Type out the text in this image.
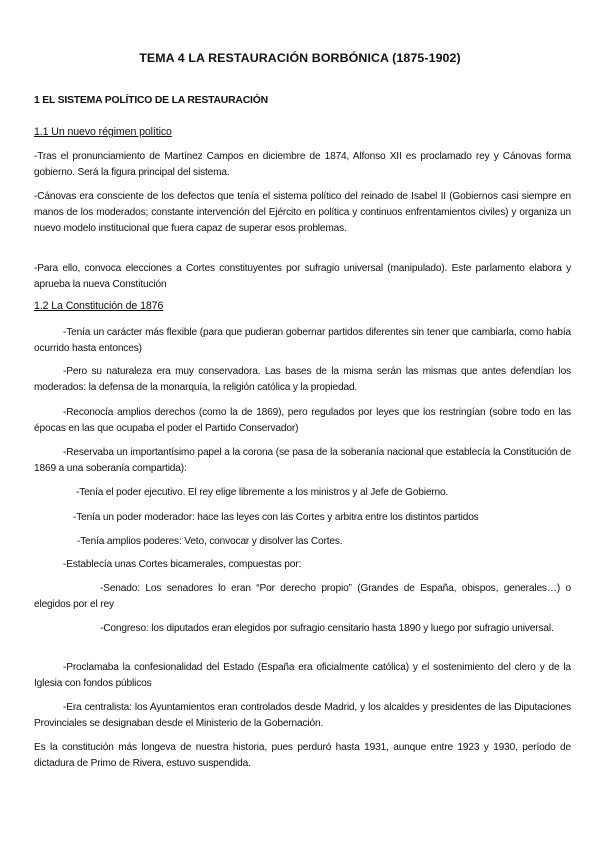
TEMA 4 LA RESTAURACIÓN BORBÓNICA (1875-1902)
1 EL SISTEMA POLÍTICO DE LA RESTAURACIÓN
1.1 Un nuevo régimen político
-Tras el pronunciamiento de Martínez Campos en diciembre de 1874, Alfonso XII es proclamado rey y Cánovas forma gobierno. Será la figura principal del sistema.
-Cánovas era consciente de los defectos que tenía el sistema político del reinado de Isabel II (Gobiernos casi siempre en manos de los moderados; constante intervención del Ejército en política y continuos enfrentamientos civiles) y organiza un nuevo modelo institucional que fuera capaz de superar esos problemas.
-Para ello, convoca elecciones a Cortes constituyentes por sufragio universal (manipulado). Este parlamento elabora y aprueba la nueva Constitución
1.2 La Constitución de 1876
-Tenía un carácter más flexible (para que pudieran gobernar partidos diferentes sin tener que cambiarla, como había ocurrido hasta entonces)
-Pero su naturaleza era muy conservadora. Las bases de la misma serán las mismas que antes defendían los moderados: la defensa de la monarquía, la religión católica y la propiedad.
-Reconocía amplios derechos (como la de 1869), pero regulados por leyes que los restringían (sobre todo en las épocas en las que ocupaba el poder el Partido Conservador)
-Reservaba un importantísimo papel a la corona (se pasa de la soberanía nacional que establecía la Constitución de 1869 a una soberanía compartida):
-Tenía el poder ejecutivo. El rey elige libremente a los ministros y al Jefe de Gobierno.
-Tenía un poder moderador: hace las leyes con las Cortes y arbitra entre los distintos partidos
-Tenía amplios poderes: Veto, convocar y disolver las Cortes.
-Establecía unas Cortes bicamerales, compuestas por:
-Senado: Los senadores lo eran “Por derecho propio” (Grandes de España, obispos, generales…) o elegidos por el rey
-Congreso: los diputados eran elegidos por sufragio censitario hasta 1890 y luego por sufragio universal.
-Proclamaba la confesionalidad del Estado (España era oficialmente católica) y el sostenimiento del clero y de la Iglesia con fondos públicos
-Era centralista: los Ayuntamientos eran controlados desde Madrid, y los alcaldes y presidentes de las Diputaciones Provinciales se designaban desde el Ministerio de la Gobernación.
Es la constitución más longeva de nuestra historia, pues perduró hasta 1931, aunque entre 1923 y 1930, período de dictadura de Primo de Rivera, estuvo suspendida.
